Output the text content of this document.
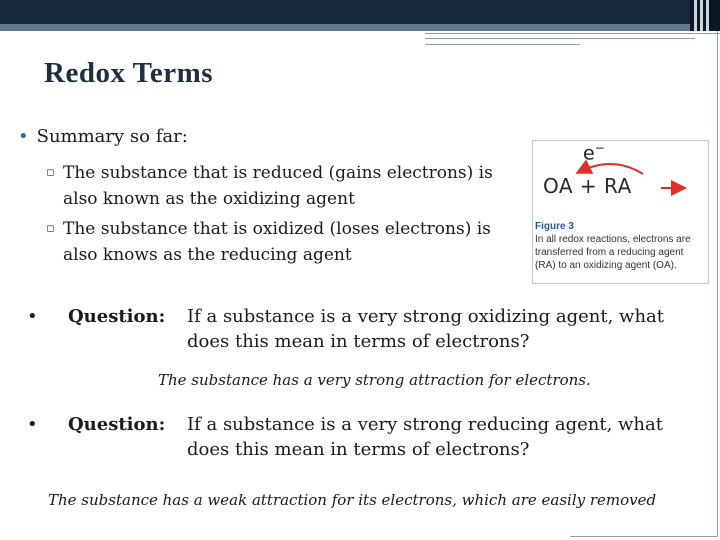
Redox Terms
• Summary so far:
▫ The substance that is reduced (gains electrons) is also known as the oxidizing agent
▫ The substance that is oxidized (loses electrons) is also knows as the reducing agent
e−
OA + RA
Figure 3
In all redox reactions, electrons are transferred from a reducing agent (RA) to an oxidizing agent (OA).
• Question: If a substance is a very strong oxidizing agent, what does this mean in terms of electrons?
The substance has a very strong attraction for electrons.
• Question: If a substance is a very strong reducing agent, what does this mean in terms of electrons?
The substance has a weak attraction for its electrons, which are easily removed
